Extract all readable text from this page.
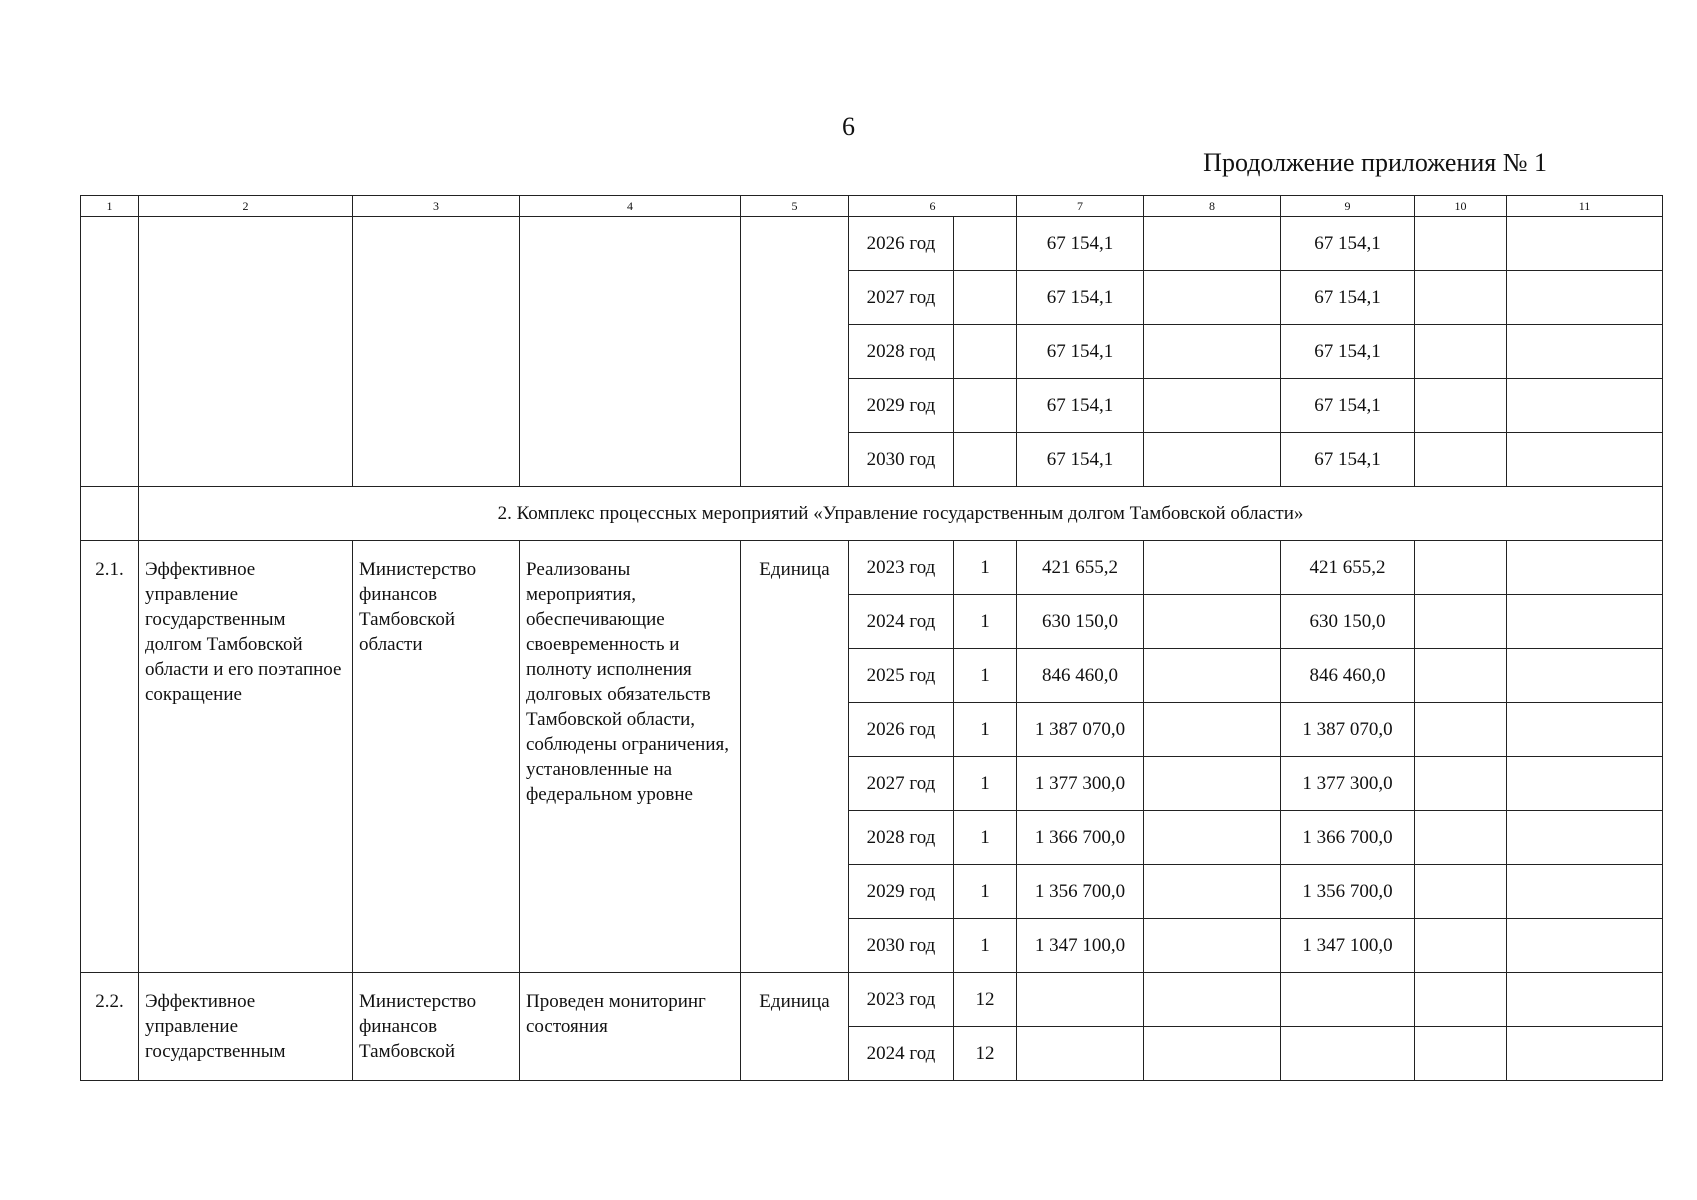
6
Продолжение приложения № 1
1	2	3	4	5	6		7	8	9	10	11
					2026 год		67 154,1		67 154,1		
					2027 год		67 154,1		67 154,1		
					2028 год		67 154,1		67 154,1		
					2029 год		67 154,1		67 154,1		
					2030 год		67 154,1		67 154,1		
	2. Комплекс процессных мероприятий «Управление государственным долгом Тамбовской области»										
2.1.	Эффективное управление государственным долгом Тамбовской области и его поэтапное сокращение	Министерство финансов Тамбовской области	Реализованы мероприятия, обеспечивающие своевременность и полноту исполнения долговых обязательств Тамбовской области, соблюдены ограничения, установленные на федеральном уровне	Единица	2023 год	1	421 655,2		421 655,2		
					2024 год	1	630 150,0		630 150,0		
					2025 год	1	846 460,0		846 460,0		
					2026 год	1	1 387 070,0		1 387 070,0		
					2027 год	1	1 377 300,0		1 377 300,0		
					2028 год	1	1 366 700,0		1 366 700,0		
					2029 год	1	1 356 700,0		1 356 700,0		
					2030 год	1	1 347 100,0		1 347 100,0		
2.2.	Эффективное управление государственным	Министерство финансов Тамбовской	Проведен мониторинг состояния	Единица	2023 год	12					
					2024 год	12					
